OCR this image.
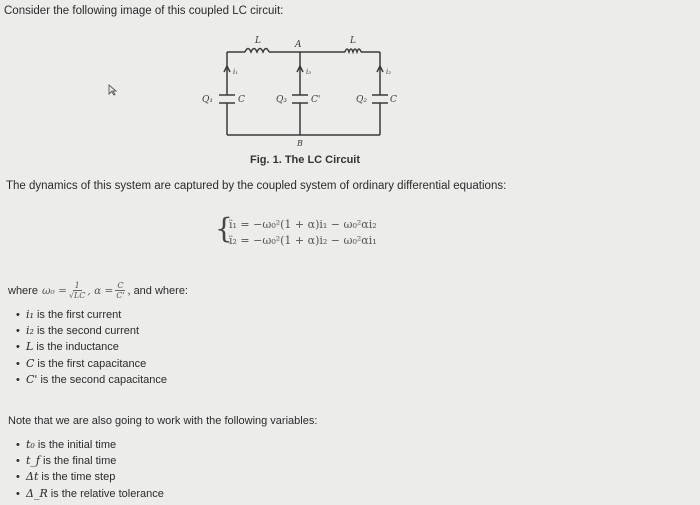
Consider the following image of this coupled LC circuit:
L	A	L
i₁	i₃	i₂
Q₁	C	Q₃	C'	Q₂	C
B
Fig. 1. The LC Circuit
The dynamics of this system are captured by the coupled system of ordinary differential equations:
{
ï₁ = −ω₀²(1 + α)i₁ − ω₀²αi₂
ï₂ = −ω₀²(1 + α)i₂ − ω₀²αi₁
where $\omega_0 = \frac{1}{√LC}$ , $\alpha = \frac{C}{C'}$ , and where:
• i₁ is the first current
• i₂ is the second current
• L is the inductance
• C is the first capacitance
• C' is the second capacitance
Note that we are also going to work with the following variables:
• t₀ is the initial time
• t_f is the final time
• Δt is the time step
• Δ_R is the relative tolerance
